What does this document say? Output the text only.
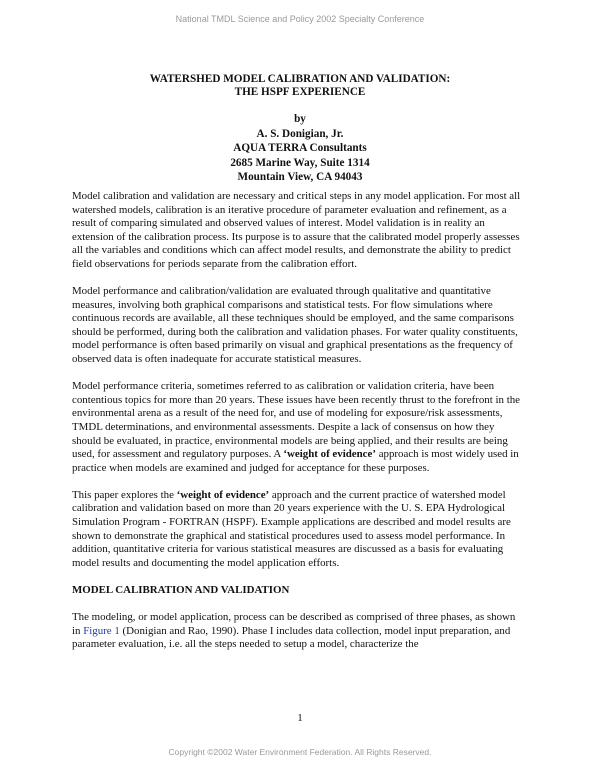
National TMDL Science and Policy 2002 Specialty Conference
WATERSHED MODEL CALIBRATION AND VALIDATION:
THE HSPF EXPERIENCE
by
A. S. Donigian, Jr.
AQUA TERRA Consultants
2685 Marine Way, Suite 1314
Mountain View, CA 94043

Model calibration and validation are necessary and critical steps in any model application. For most all watershed models, calibration is an iterative procedure of parameter evaluation and refinement, as a result of comparing simulated and observed values of interest. Model validation is in reality an extension of the calibration process. Its purpose is to assure that the calibrated model properly assesses all the variables and conditions which can affect model results, and demonstrate the ability to predict field observations for periods separate from the calibration effort.

Model performance and calibration/validation are evaluated through qualitative and quantitative measures, involving both graphical comparisons and statistical tests. For flow simulations where continuous records are available, all these techniques should be employed, and the same comparisons should be performed, during both the calibration and validation phases. For water quality constituents, model performance is often based primarily on visual and graphical presentations as the frequency of observed data is often inadequate for accurate statistical measures.

Model performance criteria, sometimes referred to as calibration or validation criteria, have been contentious topics for more than 20 years. These issues have been recently thrust to the forefront in the environmental arena as a result of the need for, and use of modeling for exposure/risk assessments, TMDL determinations, and environmental assessments. Despite a lack of consensus on how they should be evaluated, in practice, environmental models are being applied, and their results are being used, for assessment and regulatory purposes. A ‘weight of evidence’ approach is most widely used in practice when models are examined and judged for acceptance for these purposes.

This paper explores the ‘weight of evidence’ approach and the current practice of watershed model calibration and validation based on more than 20 years experience with the U. S. EPA Hydrological Simulation Program - FORTRAN (HSPF). Example applications are described and model results are shown to demonstrate the graphical and statistical procedures used to assess model performance. In addition, quantitative criteria for various statistical measures are discussed as a basis for evaluating model results and documenting the model application efforts.

MODEL CALIBRATION AND VALIDATION

The modeling, or model application, process can be described as comprised of three phases, as shown in Figure 1 (Donigian and Rao, 1990). Phase I includes data collection, model input preparation, and parameter evaluation, i.e. all the steps needed to setup a model, characterize the

1
Copyright ©2002 Water Environment Federation. All Rights Reserved.
